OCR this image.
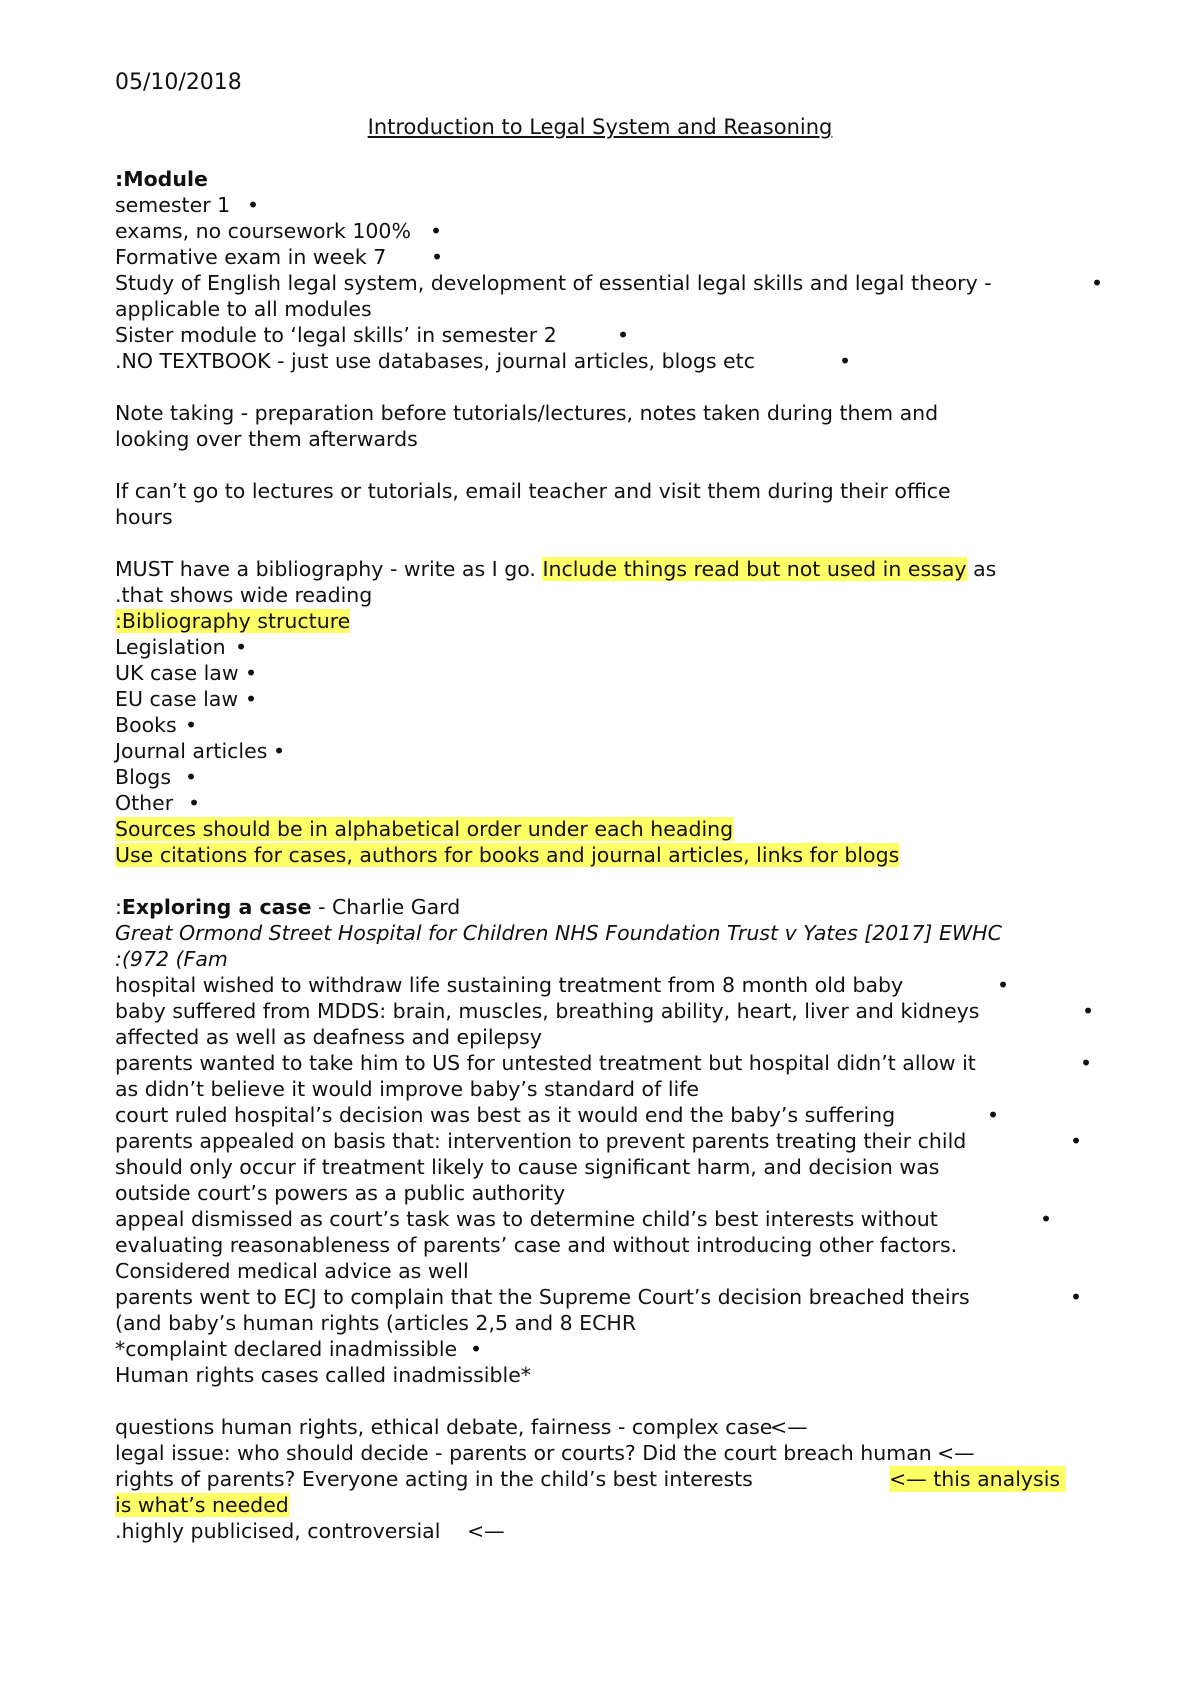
05/10/2018
Introduction to Legal System and Reasoning
:Module
semester 1 •
exams, no coursework 100% •
Formative exam in week 7 •
Study of English legal system, development of essential legal skills and legal theory -	•
applicable to all modules
Sister module to ‘legal skills’ in semester 2	•
.NO TEXTBOOK - just use databases, journal articles, blogs etc	•
Note taking - preparation before tutorials/lectures, notes taken during them and
looking over them afterwards
If can’t go to lectures or tutorials, email teacher and visit them during their office
hours
MUST have a bibliography - write as I go. Include things read but not used in essay as
.that shows wide reading
:Bibliography structure
Legislation •
UK case law •
EU case law •
Books •
Journal articles •
Blogs •
Other •
Sources should be in alphabetical order under each heading
Use citations for cases, authors for books and journal articles, links for blogs
:Exploring a case - Charlie Gard
Great Ormond Street Hospital for Children NHS Foundation Trust v Yates [2017] EWHC
:(972 (Fam
hospital wished to withdraw life sustaining treatment from 8 month old baby	•
baby suffered from MDDS: brain, muscles, breathing ability, heart, liver and kidneys	•
affected as well as deafness and epilepsy
parents wanted to take him to US for untested treatment but hospital didn’t allow it	•
as didn’t believe it would improve baby’s standard of life
court ruled hospital’s decision was best as it would end the baby’s suffering	•
parents appealed on basis that: intervention to prevent parents treating their child	•
should only occur if treatment likely to cause significant harm, and decision was
outside court’s powers as a public authority
appeal dismissed as court’s task was to determine child’s best interests without	•
evaluating reasonableness of parents’ case and without introducing other factors.
Considered medical advice as well
parents went to ECJ to complain that the Supreme Court’s decision breached theirs	•
(and baby’s human rights (articles 2,5 and 8 ECHR
*complaint declared inadmissible •
Human rights cases called inadmissible*
questions human rights, ethical debate, fairness - complex case
<—
legal issue: who should decide - parents or courts? Did the court breach human <—
rights of parents? Everyone acting in the child’s best interests	<— this analysis
is what’s needed
.highly publicised, controversial <—
